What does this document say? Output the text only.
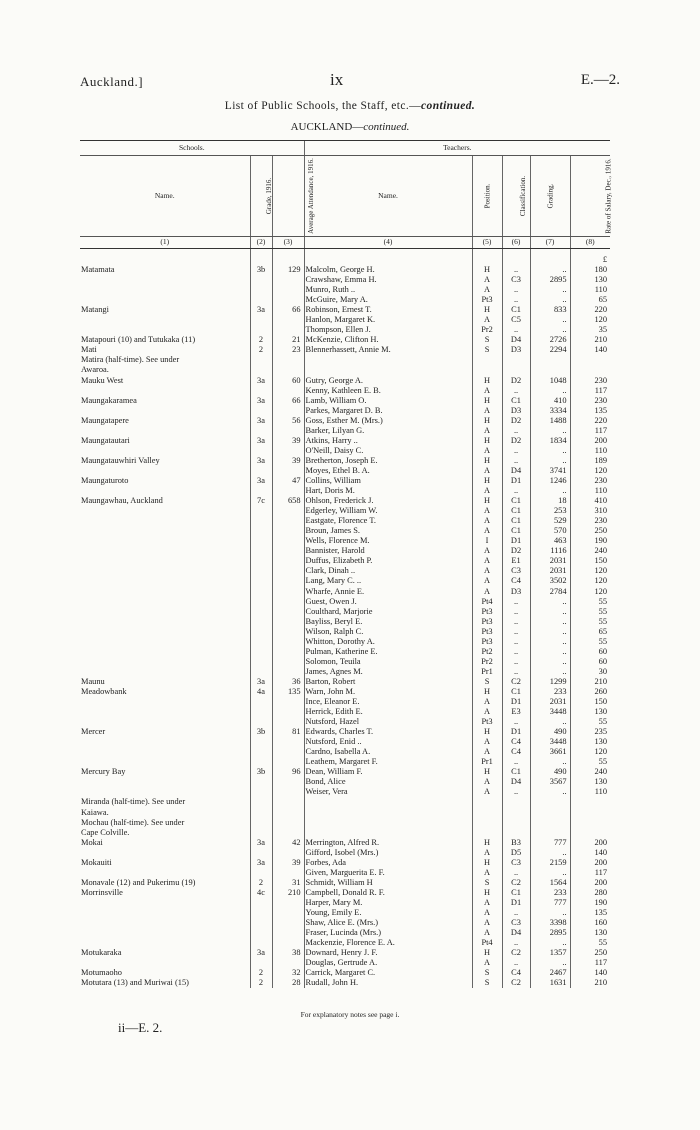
Auckland.]	ix	E.—2.
List of Public Schools, the Staff, etc.—continued.
AUCKLAND—continued.
Schools.			Teachers.				
Name.	Grade, 1916.	Average Attendance, 1916.	Name.	Position.	Classification.	Grading.	Rate of Salary, Dec., 1916.
(1)	(2)	(3)	(4)	(5)	(6)	(7)	(8)
							£
Matamata	3b	129	Malcolm, George H.	H	..	..	180
			Crawshaw, Emma H.	A	C3	2895	130
			Munro, Ruth ..	A	..	..	110
			McGuire, Mary A.	Pt3	..	..	65
Matangi	3a	66	Robinson, Ernest T.	H	C1	833	220
			Hanlon, Margaret K.	A	C5	..	120
			Thompson, Ellen J.	Pr2	..	..	35
Matapouri (10) and Tutukaka (11)	2	21	McKenzie, Clifton H.	S	D4	2726	210
Mati	2	23	Blennerhassett, Annie M.	S	D3	2294	140
Matira (half-time). See under							
Awaroa.							
Mauku West	3a	60	Gutry, George A.	H	D2	1048	230
			Kenny, Kathleen E. B.	A	..	..	117
Maungakaramea	3a	66	Lamb, William O.	H	C1	410	230
			Parkes, Margaret D. B.	A	D3	3334	135
Maungatapere	3a	56	Goss, Esther M. (Mrs.)	H	D2	1488	220
			Barker, Lilyan G.	A	..	..	117
Maungatautari	3a	39	Atkins, Harry ..	H	D2	1834	200
			O'Neill, Daisy C.	A	..	..	110
Maungatauwhiri Valley	3a	39	Bretherton, Joseph E.	H	..	..	189
			Moyes, Ethel B. A.	A	D4	3741	120
Maungaturoto	3a	47	Collins, William	H	D1	1246	230
			Hart, Doris M.	A	..	..	110
Maungawhau, Auckland	7c	658	Ohlson, Frederick J.	H	C1	18	410
			Edgerley, William W.	A	C1	253	310
			Eastgate, Florence T.	A	C1	529	230
			Broun, James S.	A	C1	570	250
			Wells, Florence M.	I	D1	463	190
			Bannister, Harold	A	D2	1116	240
			Duffus, Elizabeth P.	A	E1	2031	150
			Clark, Dinah ..	A	C3	2031	120
			Lang, Mary C. ..	A	C4	3502	120
			Wharfe, Annie E.	A	D3	2784	120
			Guest, Owen J.	Pt4	..	..	55
			Coulthard, Marjorie	Pt3	..	..	55
			Bayliss, Beryl E.	Pt3	..	..	55
			Wilson, Ralph C.	Pt3	..	..	65
			Whitton, Dorothy A.	Pt3	..	..	55
			Pulman, Katherine E.	Pt2	..	..	60
			Solomon, Teuila	Pr2	..	..	60
			James, Agnes M.	Pr1	..	..	30
Maunu	3a	36	Barton, Robert	S	C2	1299	210
Meadowbank	4a	135	Warn, John M.	H	C1	233	260
			Ince, Eleanor E.	A	D1	2031	150
			Herrick, Edith E.	A	E3	3448	130
			Nutsford, Hazel	Pt3	..	..	55
Mercer	3b	81	Edwards, Charles T.	H	D1	490	235
			Nutsford, Enid ..	A	C4	3448	130
			Cardno, Isabella A.	A	C4	3661	120
			Leathem, Margaret F.	Pr1	..	..	55
Mercury Bay	3b	96	Dean, William F.	H	C1	490	240
			Bond, Alice	A	D4	3567	130
			Weiser, Vera	A	..	..	110
Miranda (half-time). See under							
Kaiawa.							
Mochau (half-time). See under							
Cape Colville.							
Mokai	3a	42	Merrington, Alfred R.	H	B3	777	200
			Gifford, Isobel (Mrs.)	A	D5	..	140
Mokauiti	3a	39	Forbes, Ada	H	C3	2159	200
			Given, Marguerita E. F.	A	..	..	117
Monavale (12) and Pukerimu (19)	2	31	Schmidt, William H	S	C2	1564	200
Morrinsville	4c	210	Campbell, Donald R. F.	H	C1	233	280
			Harper, Mary M.	A	D1	777	190
			Young, Emily E.	A	..	..	135
			Shaw, Alice E. (Mrs.)	A	C3	3398	160
			Fraser, Lucinda (Mrs.)	A	D4	2895	130
			Mackenzie, Florence E. A.	Pt4	..	..	55
Motukaraka	3a	38	Downard, Henry J. F.	H	C2	1357	250
			Douglas, Gertrude A.	A	..	..	117
Motumaoho	2	32	Carrick, Margaret C.	S	C4	2467	140
Motutara (13) and Muriwai (15)	2	28	Rudall, John H.	S	C2	1631	210
For explanatory notes see page i.
ii—E. 2.
